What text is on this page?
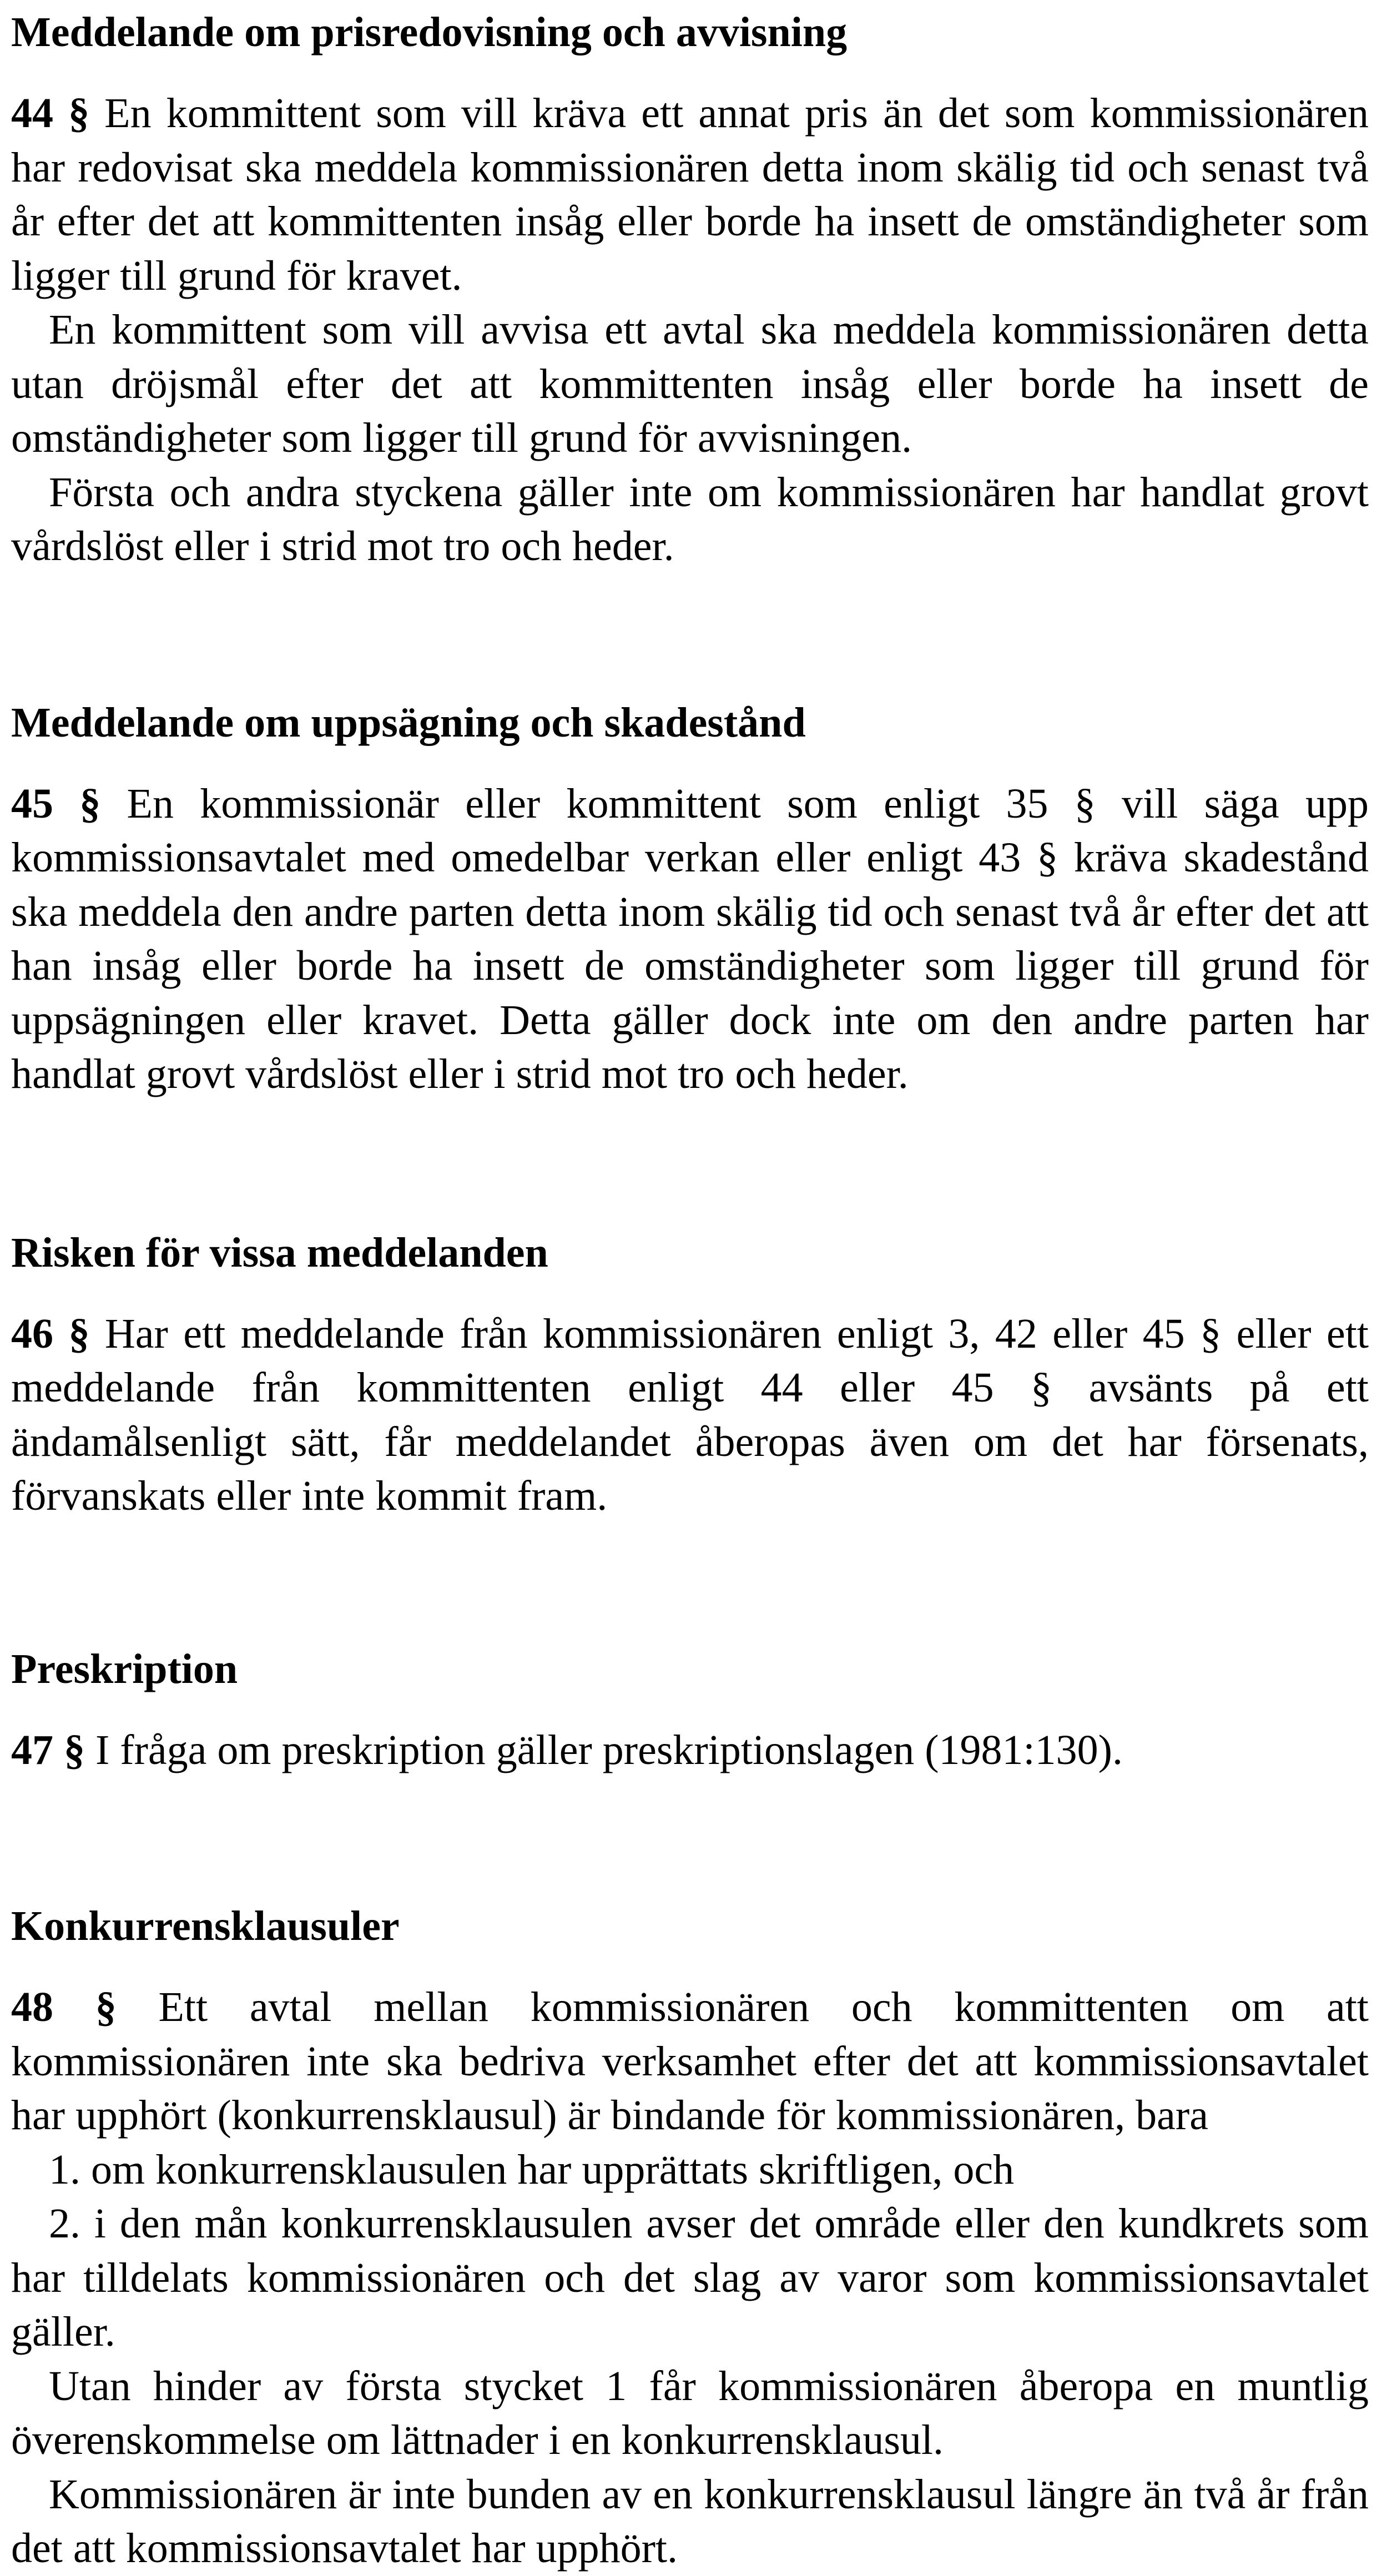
Meddelande om prisredovisning och avvisning

44 § En kommittent som vill kräva ett annat pris än det som kommissionären har redovisat ska meddela kommissionären detta inom skälig tid och senast två år efter det att kommittenten insåg eller borde ha insett de omständigheter som ligger till grund för kravet.

En kommittent som vill avvisa ett avtal ska meddela kommissionären detta utan dröjsmål efter det att kommittenten insåg eller borde ha insett de omständigheter som ligger till grund för avvisningen.

Första och andra styckena gäller inte om kommissionären har handlat grovt vårdslöst eller i strid mot tro och heder.

Meddelande om uppsägning och skadestånd

45 § En kommissionär eller kommittent som enligt 35 § vill säga upp kommissionsavtalet med omedelbar verkan eller enligt 43 § kräva skadestånd ska meddela den andre parten detta inom skälig tid och senast två år efter det att han insåg eller borde ha insett de omständigheter som ligger till grund för uppsägningen eller kravet. Detta gäller dock inte om den andre parten har handlat grovt vårdslöst eller i strid mot tro och heder.

Risken för vissa meddelanden

46 § Har ett meddelande från kommissionären enligt 3, 42 eller 45 § eller ett meddelande från kommittenten enligt 44 eller 45 § avsänts på ett ändamålsenligt sätt, får meddelandet åberopas även om det har försenats, förvanskats eller inte kommit fram.

Preskription

47 § I fråga om preskription gäller preskriptionslagen (1981:130).

Konkurrensklausuler

48 § Ett avtal mellan kommissionären och kommittenten om att kommissionären inte ska bedriva verksamhet efter det att kommissionsavtalet har upphört (konkurrensklausul) är bindande för kommissionären, bara

1. om konkurrensklausulen har upprättats skriftligen, och

2. i den mån konkurrensklausulen avser det område eller den kundkrets som har tilldelats kommissionären och det slag av varor som kommissionsavtalet gäller.

Utan hinder av första stycket 1 får kommissionären åberopa en muntlig överenskommelse om lättnader i en konkurrensklausul.

Kommissionären är inte bunden av en konkurrensklausul längre än två år från det att kommissionsavtalet har upphört.
